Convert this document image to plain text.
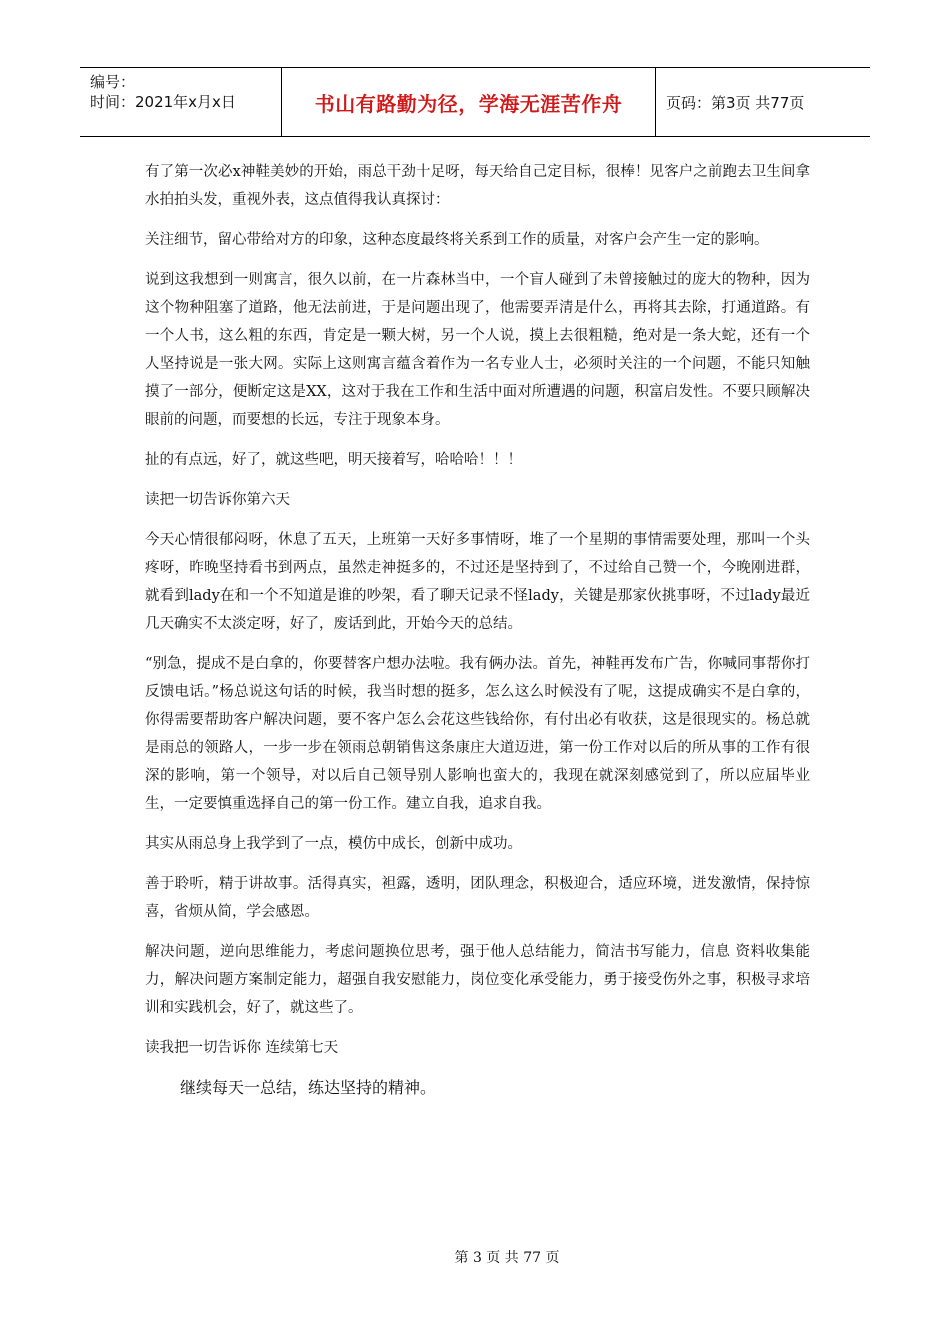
编号：
时间：2021年x月x日	书山有路勤为径，学海无涯苦作舟	页码：第3页 共77页

有了第一次必x神鞋美妙的开始，雨总干劲十足呀，每天给自己定目标，很棒！见客户之前跑去卫生间拿水拍拍头发，重视外表，这点值得我认真探讨：

关注细节，留心带给对方的印象，这种态度最终将关系到工作的质量，对客户会产生一定的影响。

说到这我想到一则寓言，很久以前，在一片森林当中，一个盲人碰到了未曾接触过的庞大的物种，因为这个物种阻塞了道路，他无法前进，于是问题出现了，他需要弄清是什么，再将其去除，打通道路。有一个人书，这么粗的东西，肯定是一颗大树，另一个人说，摸上去很粗糙，绝对是一条大蛇，还有一个人坚持说是一张大网。实际上这则寓言蕴含着作为一名专业人士，必须时关注的一个问题，不能只知触摸了一部分，便断定这是XX，这对于我在工作和生活中面对所遭遇的问题，积富启发性。不要只顾解决眼前的问题，而要想的长远，专注于现象本身。

扯的有点远，好了，就这些吧，明天接着写，哈哈哈！！！

读把一切告诉你第六天

今天心情很郁闷呀，休息了五天，上班第一天好多事情呀，堆了一个星期的事情需要处理，那叫一个头疼呀，昨晚坚持看书到两点，虽然走神挺多的，不过还是坚持到了，不过给自己赞一个，今晚刚进群，就看到lady在和一个不知道是谁的吵架，看了聊天记录不怪lady，关键是那家伙挑事呀，不过lady最近几天确实不太淡定呀，好了，废话到此，开始今天的总结。

“别急，提成不是白拿的，你要替客户想办法啦。我有俩办法。首先，神鞋再发布广告，你喊同事帮你打反馈电话。”杨总说这句话的时候，我当时想的挺多，怎么这么时候没有了呢，这提成确实不是白拿的，你得需要帮助客户解决问题，要不客户怎么会花这些钱给你，有付出必有收获，这是很现实的。杨总就是雨总的领路人，一步一步在领雨总朝销售这条康庄大道迈进，第一份工作对以后的所从事的工作有很深的影响，第一个领导，对以后自己领导别人影响也蛮大的，我现在就深刻感觉到了，所以应届毕业生，一定要慎重选择自己的第一份工作。建立自我，追求自我。

其实从雨总身上我学到了一点，模仿中成长，创新中成功。

善于聆听，精于讲故事。活得真实，袒露，透明，团队理念，积极迎合，适应环境，迸发激情，保持惊喜，省烦从简，学会感恩。

解决问题，逆向思维能力，考虑问题换位思考，强于他人总结能力，简洁书写能力，信息 资料收集能力，解决问题方案制定能力，超强自我安慰能力，岗位变化承受能力，勇于接受伤外之事，积极寻求培训和实践机会，好了，就这些了。

读我把一切告诉你 连续第七天

继续每天一总结，练达坚持的精神。

第 3 页 共 77 页
